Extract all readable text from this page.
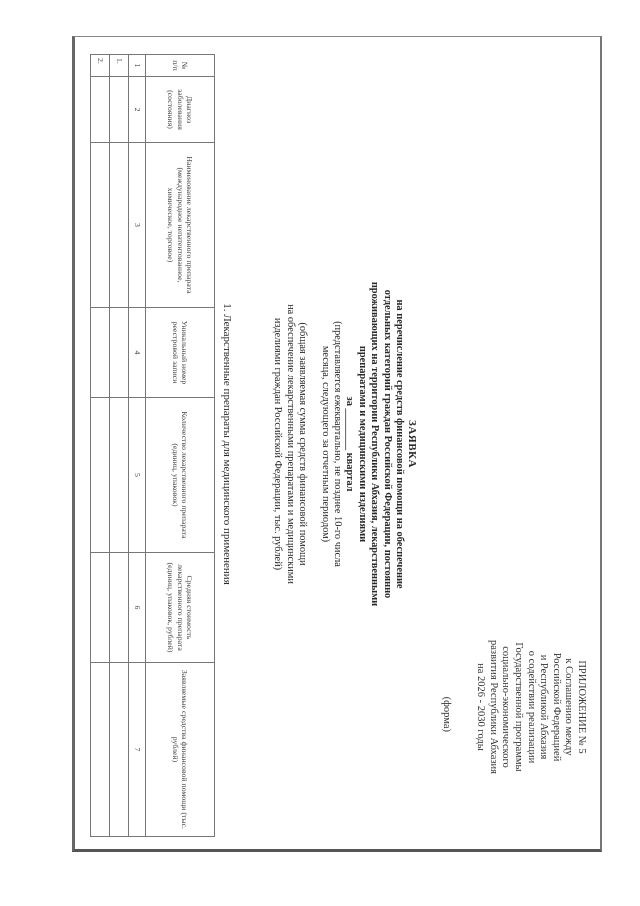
ПРИЛОЖЕНИЕ № 5
к Соглашению между
Российской Федерацией
и Республикой Абхазия
о содействии реализации
Государственной программы
социально-экономического
развития Республики Абхазия
на 2026 - 2030 годы
(форма)
ЗАЯВКА
на перечисление средств финансовой помощи на обеспечение
отдельных категорий граждан Российской Федерации, постоянно
проживающих на территории Республики Абхазия, лекарственными
препаратами и медицинскими изделиями
за ________ квартал
(представляется ежеквартально, не позднее 10-го числа
месяца, следующего за отчетным периодом)
(общая заявляемая сумма средств финансовой помощи
на обеспечение лекарственными препаратами и медицинскими
изделиями граждан Российской Федерации, тыс. рублей)
1. Лекарственные препараты для медицинского применения
№ п/п	Диагноз заболевания (состояния)	Наименование лекарственного препарата (международное непатентованное, химическое, торговое)	Уникальный номер реестровой записи	Количество лекарственного препарата (единиц, упаковок)	Средняя стоимость лекарственного препарата (единиц, упаковок, рублей)	Заявляемые средства финансовой помощи (тыс. рублей)
1	2	3	4	5	6	7
1.						
2.						
